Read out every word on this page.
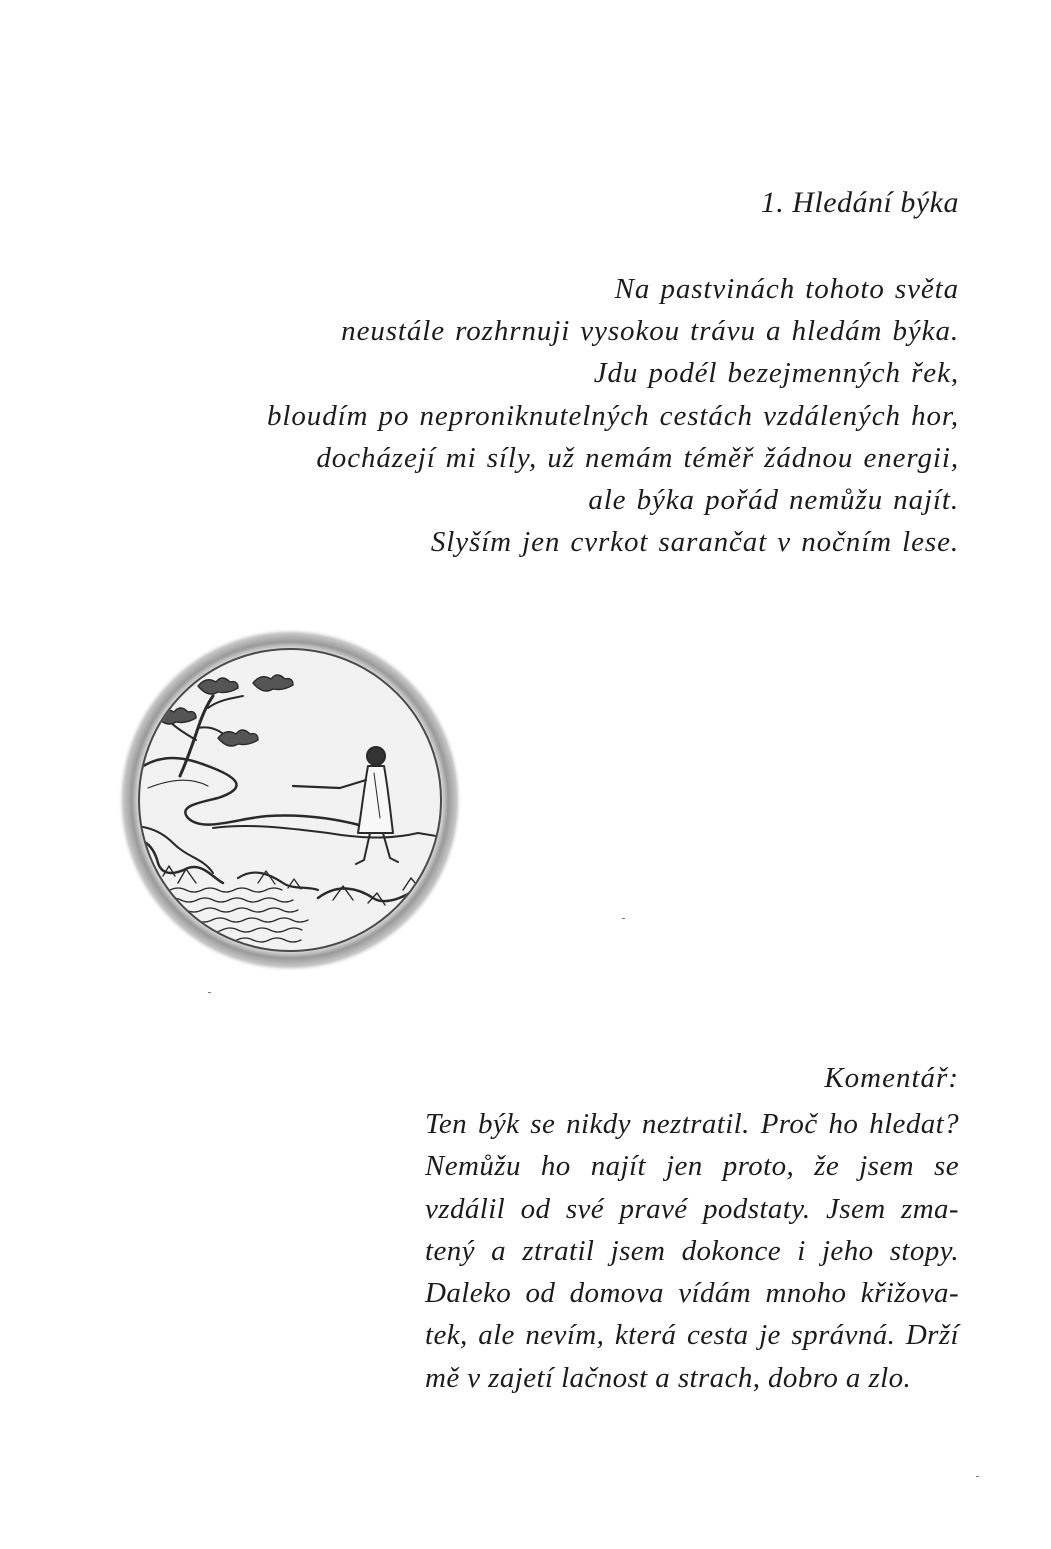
1. Hledání býka
Na pastvinách tohoto světa
neustále rozhrnuji vysokou trávu a hledám býka.
Jdu podél bezejmenných řek,
bloudím po neproniknutelných cestách vzdálených hor,
docházejí mi síly, už nemám téměř žádnou energii,
ale býka pořád nemůžu najít.
Slyším jen cvrkot sarančat v nočním lese.
Komentář:
Ten býk se nikdy neztratil. Proč ho hledat?
Nemůžu ho najít jen proto, že jsem se
vzdálil od své pravé podstaty. Jsem zma-
tený a ztratil jsem dokonce i jeho stopy.
Daleko od domova vídám mnoho křižova-
tek, ale nevím, která cesta je správná. Drží
mě v zajetí lačnost a strach, dobro a zlo.
